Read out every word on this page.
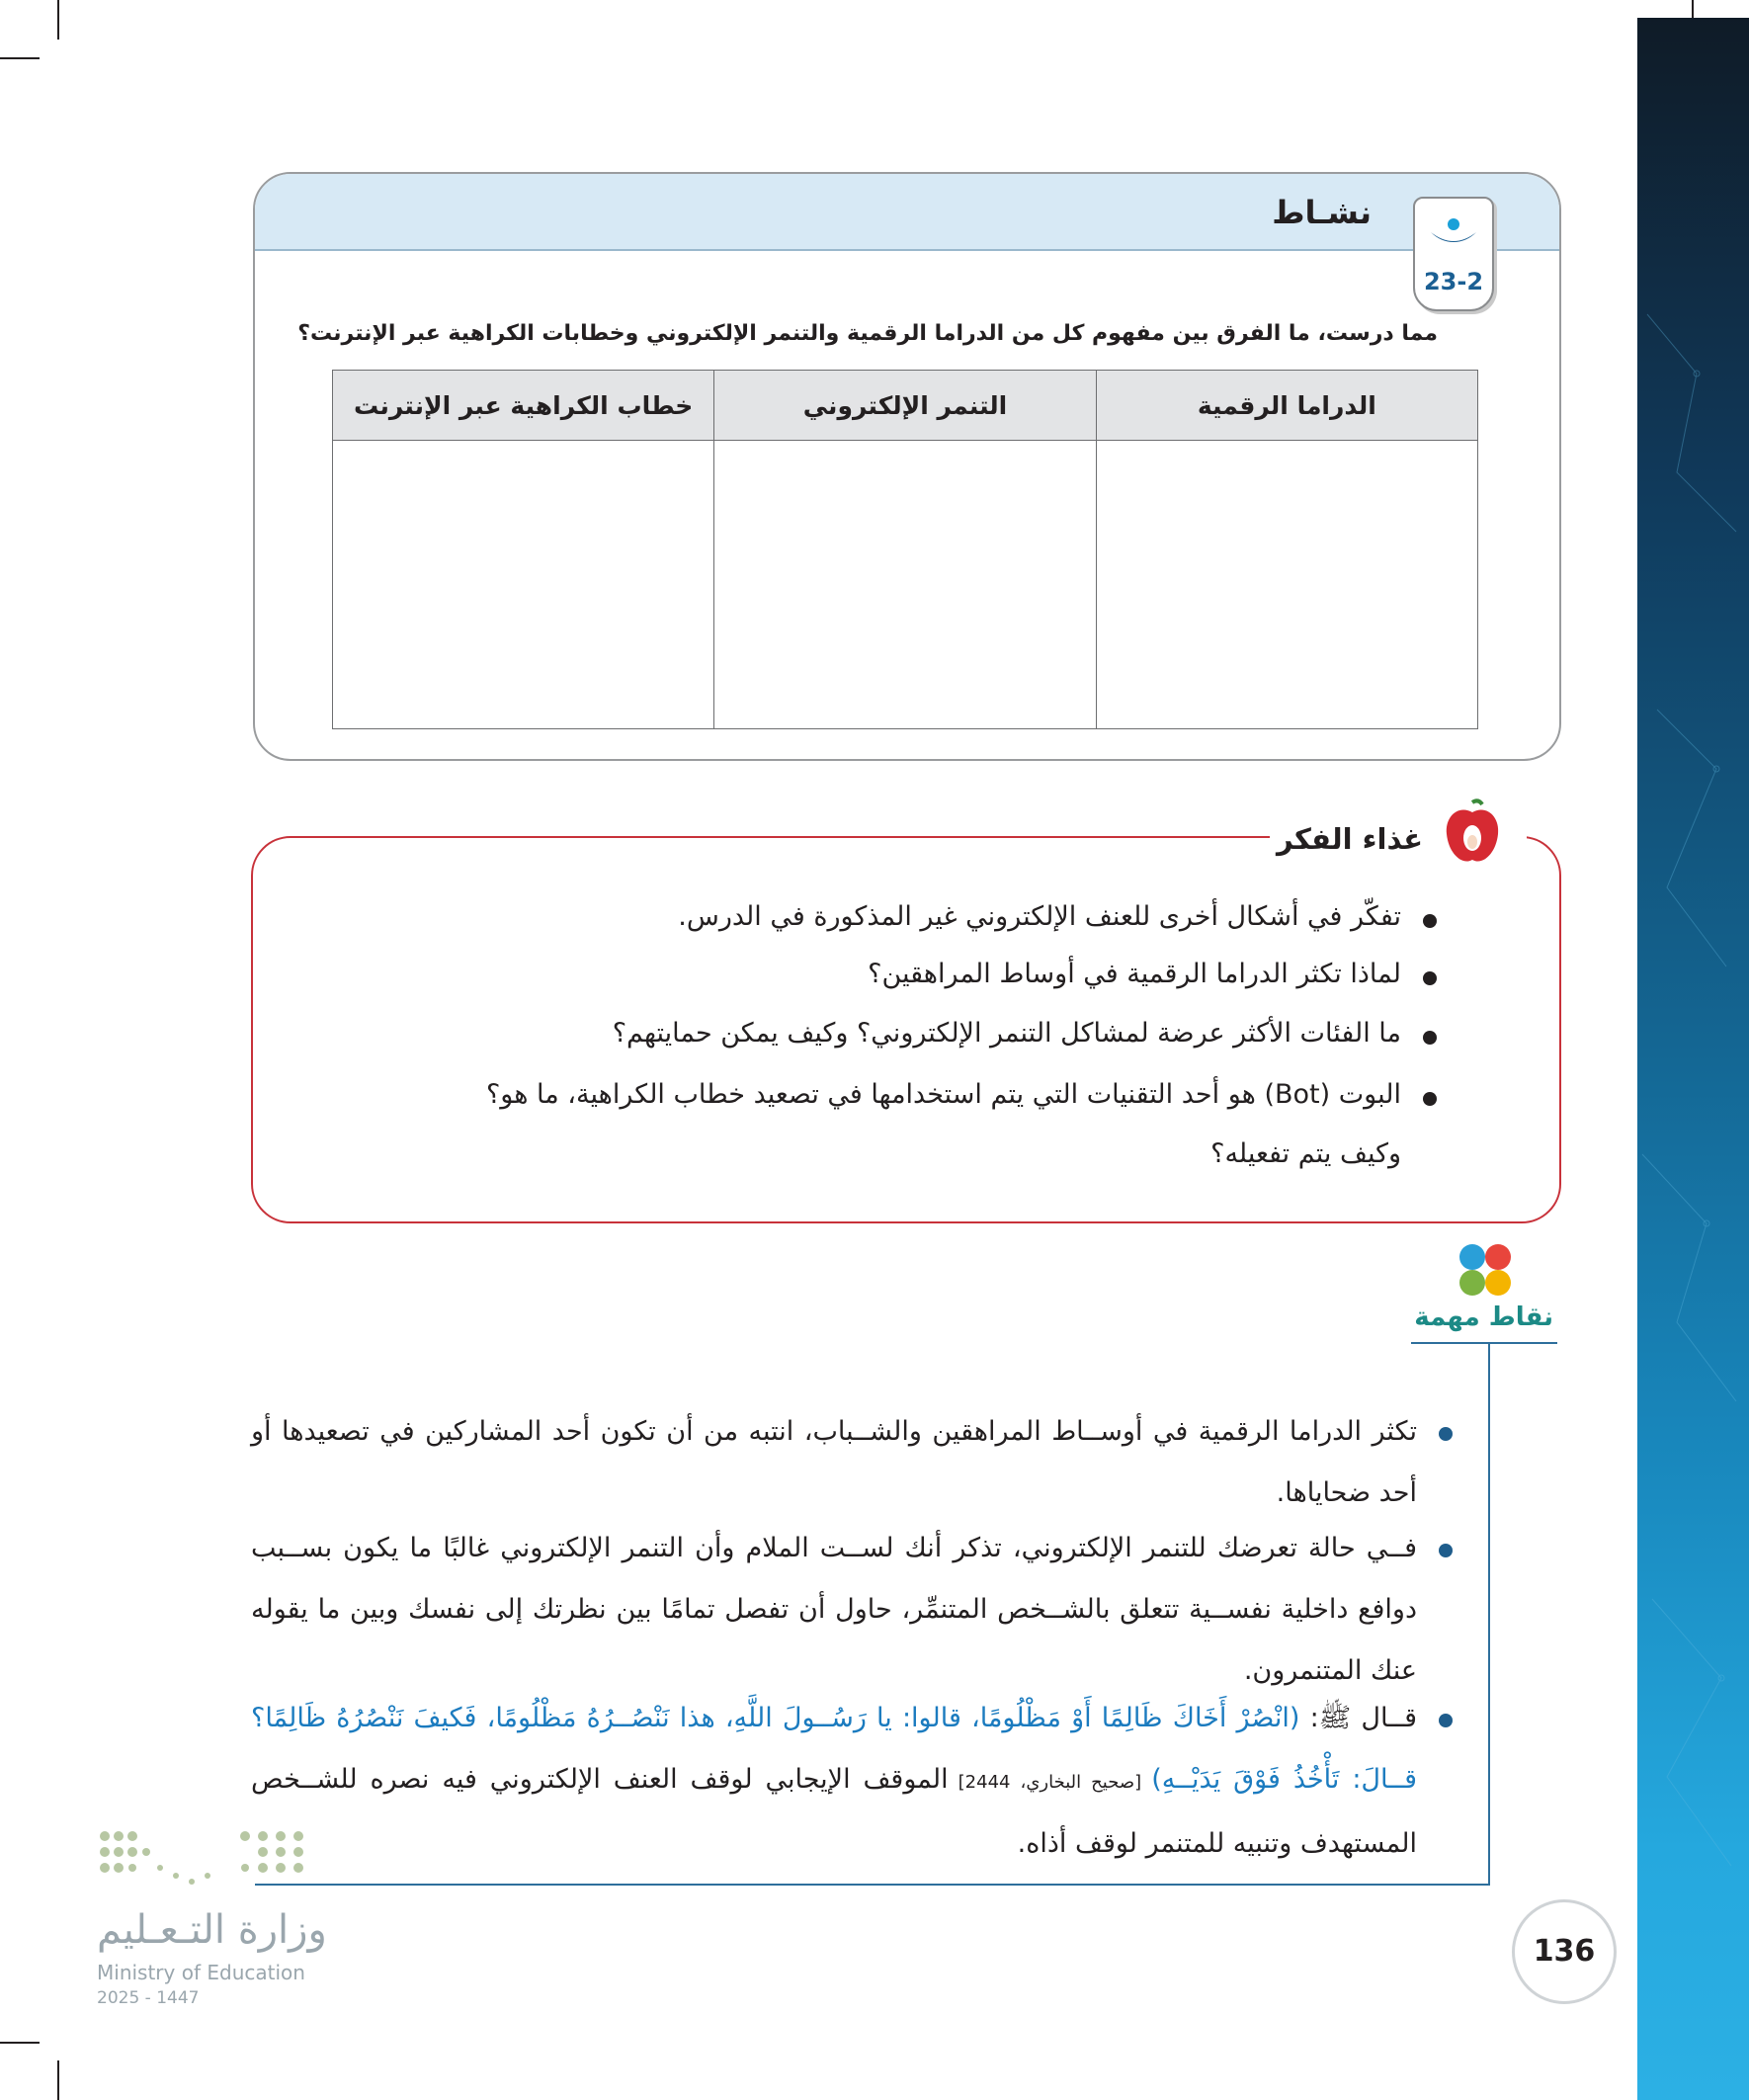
نشـاط
23-2
مما درست، ما الفرق بين مفهوم كل من الدراما الرقمية والتنمر الإلكتروني وخطابات الكراهية عبر الإنترنت؟
الدراما الرقمية	التنمر الإلكتروني	خطاب الكراهية عبر الإنترنت

غذاء الفكر
تفكّر في أشكال أخرى للعنف الإلكتروني غير المذكورة في الدرس.
لماذا تكثر الدراما الرقمية في أوساط المراهقين؟
ما الفئات الأكثر عرضة لمشاكل التنمر الإلكتروني؟ وكيف يمكن حمايتهم؟
البوت (Bot) هو أحد التقنيات التي يتم استخدامها في تصعيد خطاب الكراهية، ما هو؟
وكيف يتم تفعيله؟
نقاط مهمة
تكثر الدراما الرقمية في أوســاط المراهقين والشــباب، انتبه من أن تكون أحد المشاركين في تصعيدها أو أحد ضحاياها.
فــي حالة تعرضك للتنمر الإلكتروني، تذكر أنك لســت الملام وأن التنمر الإلكتروني غالبًا ما يكون بســبب دوافع داخلية نفســية تتعلق بالشــخص المتنمِّر، حاول أن تفصل تمامًا بين نظرتك إلى نفسك وبين ما يقوله عنك المتنمرون.
قــال ﷺ: (انْصُرْ أَخَاكَ ظَالِمًا أَوْ مَظْلُومًا، قالوا: يا رَسُــولَ اللَّهِ، هذا نَنْصُــرُهُ مَظْلُومًا، فَكيفَ نَنْصُرُهُ ظَالِمًا؟ قــالَ: تَأْخُذُ فَوْقَ يَدَيْــهِ) [صحيح البخاري، 2444] الموقف الإيجابي لوقف العنف الإلكتروني فيه نصره للشــخص المستهدف وتنبيه للمتنمر لوقف أذاه.
136
وزارة التـعـليم
Ministry of Education
2025 - 1447
